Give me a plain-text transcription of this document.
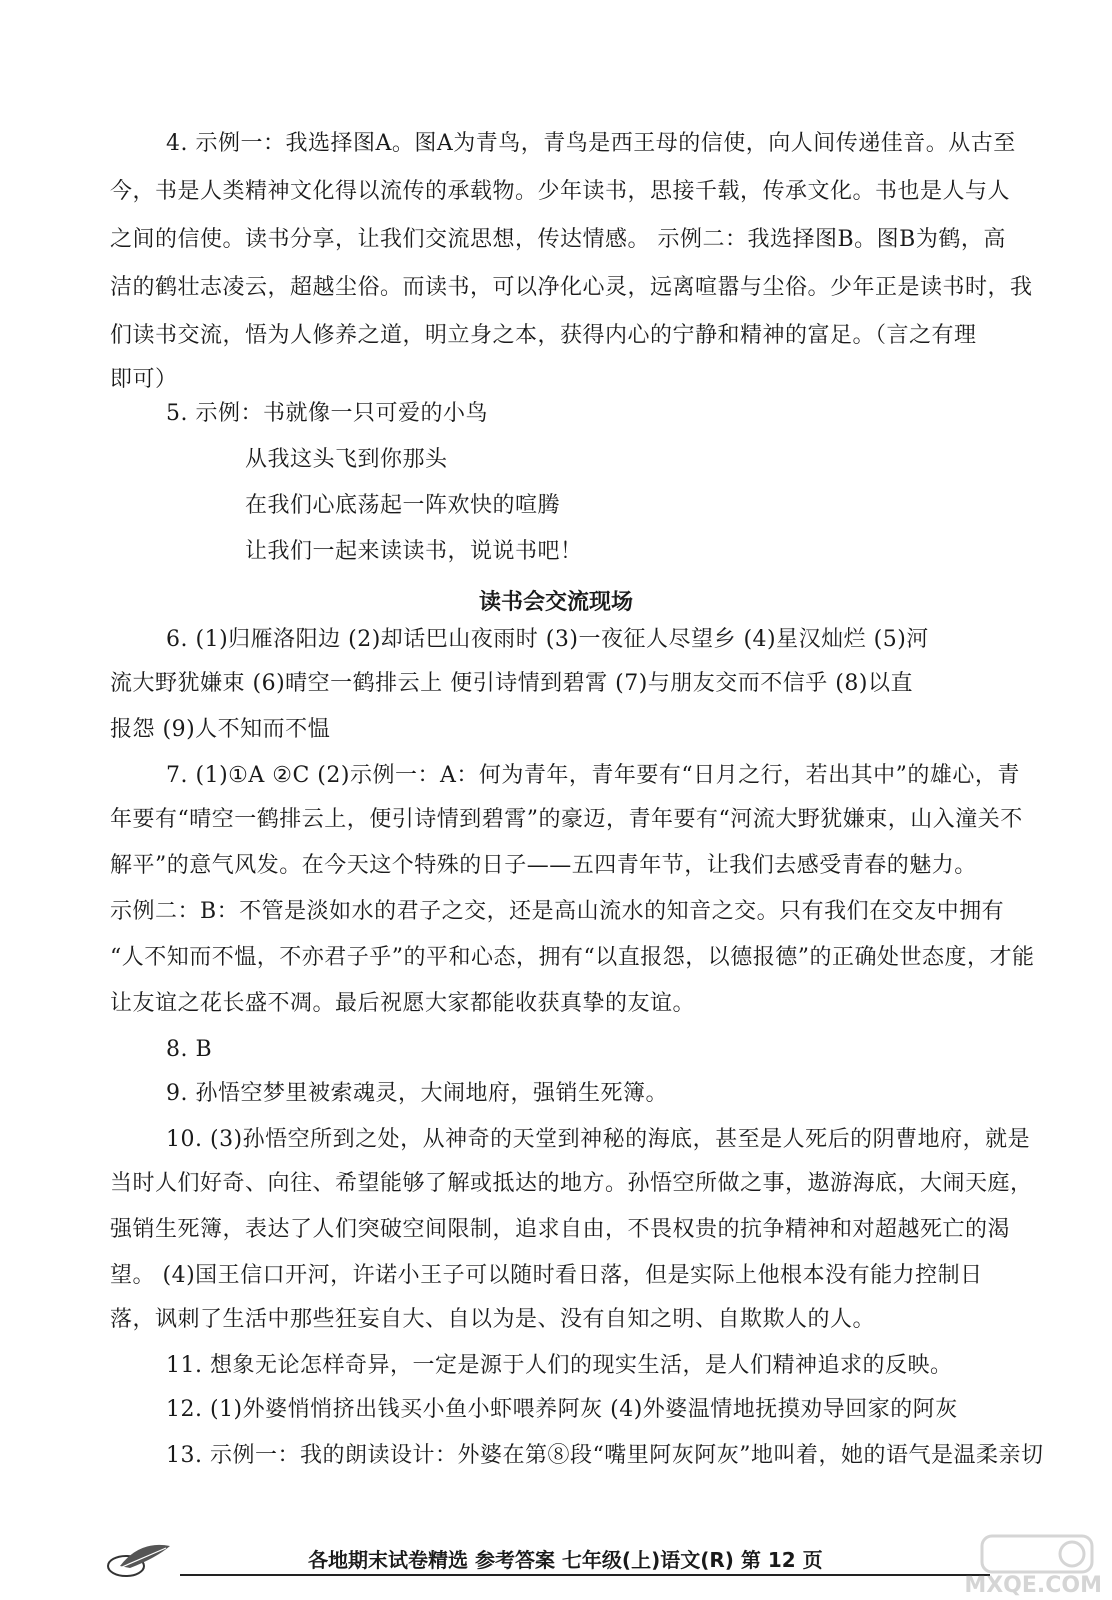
4. 示例一：我选择图A。图A为青鸟，青鸟是西王母的信使，向人间传递佳音。从古至
今，书是人类精神文化得以流传的承载物。少年读书，思接千载，传承文化。书也是人与人
之间的信使。读书分享，让我们交流思想，传达情感。 示例二：我选择图B。图B为鹤，高
洁的鹤壮志凌云，超越尘俗。而读书，可以净化心灵，远离喧嚣与尘俗。少年正是读书时，我
们读书交流，悟为人修养之道，明立身之本，获得内心的宁静和精神的富足。（言之有理
即可）
5. 示例：书就像一只可爱的小鸟
从我这头飞到你那头
在我们心底荡起一阵欢快的喧腾
让我们一起来读读书，说说书吧！
读书会交流现场
6. (1)归雁洛阳边 (2)却话巴山夜雨时 (3)一夜征人尽望乡 (4)星汉灿烂 (5)河
流大野犹嫌束 (6)晴空一鹤排云上 便引诗情到碧霄 (7)与朋友交而不信乎 (8)以直
报怨 (9)人不知而不愠
7. (1)①A ②C (2)示例一：A：何为青年，青年要有“日月之行，若出其中”的雄心，青
年要有“晴空一鹤排云上，便引诗情到碧霄”的豪迈，青年要有“河流大野犹嫌束，山入潼关不
解平”的意气风发。在今天这个特殊的日子——五四青年节，让我们去感受青春的魅力。
示例二：B：不管是淡如水的君子之交，还是高山流水的知音之交。只有我们在交友中拥有
“人不知而不愠，不亦君子乎”的平和心态，拥有“以直报怨，以德报德”的正确处世态度，才能
让友谊之花长盛不凋。最后祝愿大家都能收获真挚的友谊。
8. B
9. 孙悟空梦里被索魂灵，大闹地府，强销生死簿。
10. (3)孙悟空所到之处，从神奇的天堂到神秘的海底，甚至是人死后的阴曹地府，就是
当时人们好奇、向往、希望能够了解或抵达的地方。孙悟空所做之事，遨游海底，大闹天庭，
强销生死簿，表达了人们突破空间限制，追求自由，不畏权贵的抗争精神和对超越死亡的渴
望。 (4)国王信口开河，许诺小王子可以随时看日落，但是实际上他根本没有能力控制日
落，讽刺了生活中那些狂妄自大、自以为是、没有自知之明、自欺欺人的人。
11. 想象无论怎样奇异，一定是源于人们的现实生活，是人们精神追求的反映。
12. (1)外婆悄悄挤出钱买小鱼小虾喂养阿灰 (4)外婆温情地抚摸劝导回家的阿灰
13. 示例一：我的朗读设计：外婆在第⑧段“嘴里阿灰阿灰”地叫着，她的语气是温柔亲切
各地期末试卷精选 参考答案 七年级(上)语文(R) 第 12 页
MXQE.COM
